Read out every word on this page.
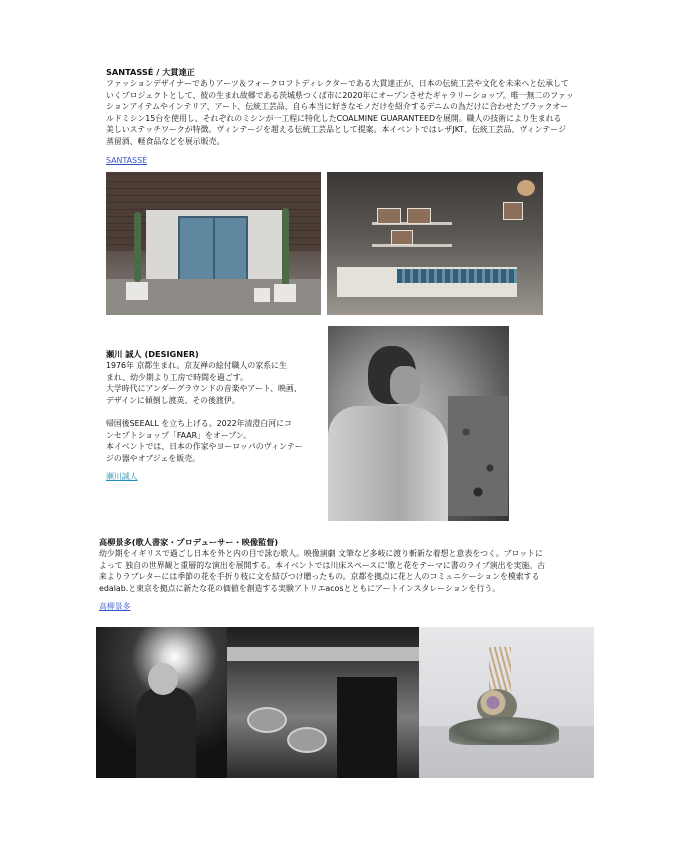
SANTASSÉ / 大貫達正

ファッションデザイナーでありアーツ＆フォークロフトディレクターである大貫達正が、日本の伝統工芸や文化を未来へと伝承して
いくプロジェクトとして、彼の生まれ故郷である茨城県つくば市に2020年にオープンさせたギャラリーショップ。唯一無二のファッ
ションアイテムやインテリア、アート、伝統工芸品、自ら本当に好きなモノだけを紹介するデニムの為だけに合わせたブラックオー
ルドミシン15台を使用し、それぞれのミシンが一工程に特化したCOALMINE GUARANTEEDを展開。職人の技術により生まれる
美しいステッチワークが特徴。ヴィンテージを超える伝統工芸品として提案。本イベントではレザJKT、伝統工芸品、ヴィンテージ
蒸留酒、軽食品などを展示販売。

SANTASSÉ

瀬川 誠人 (DESIGNER)

1976年 京都生まれ。京友禅の絵付職人の家系に生
まれ、幼少期より工房で時間を過ごす。
大学時代にアンダーグラウンドの音楽やアート、映画、
デザインに傾倒し渡英、その後渡伊。

帰国後SEEALL を立ち上げる。2022年清澄白河にコ
ンセプトショップ「FAAR」をオープン。
本イベントでは、日本の作家やヨーロッパのヴィンテー
ジの器やオブジェを販売。

瀬川誠人

高柳景多(歌人書家・プロデューサー・映像監督)

幼少期をイギリスで過ごし日本を外と内の目で詠む歌人。映像演劇 文筆など多岐に渡り斬新な着想と意表をつく。ブロットに
よって 独自の世界観と重層的な演出を展開する。本イベントでは川床スペースに‘歌と花をテーマに書のライブ演出を実施。古
来よりラブレターには季節の花を手折り枝に文を結びつけ贈ったもの。京都を拠点に花と人のコミュニケーションを模索する
edalab.と東京を拠点に新たな花の価値を創造する実験アトリエacosとともにアートインスタレーションを行う。

高柳景多
